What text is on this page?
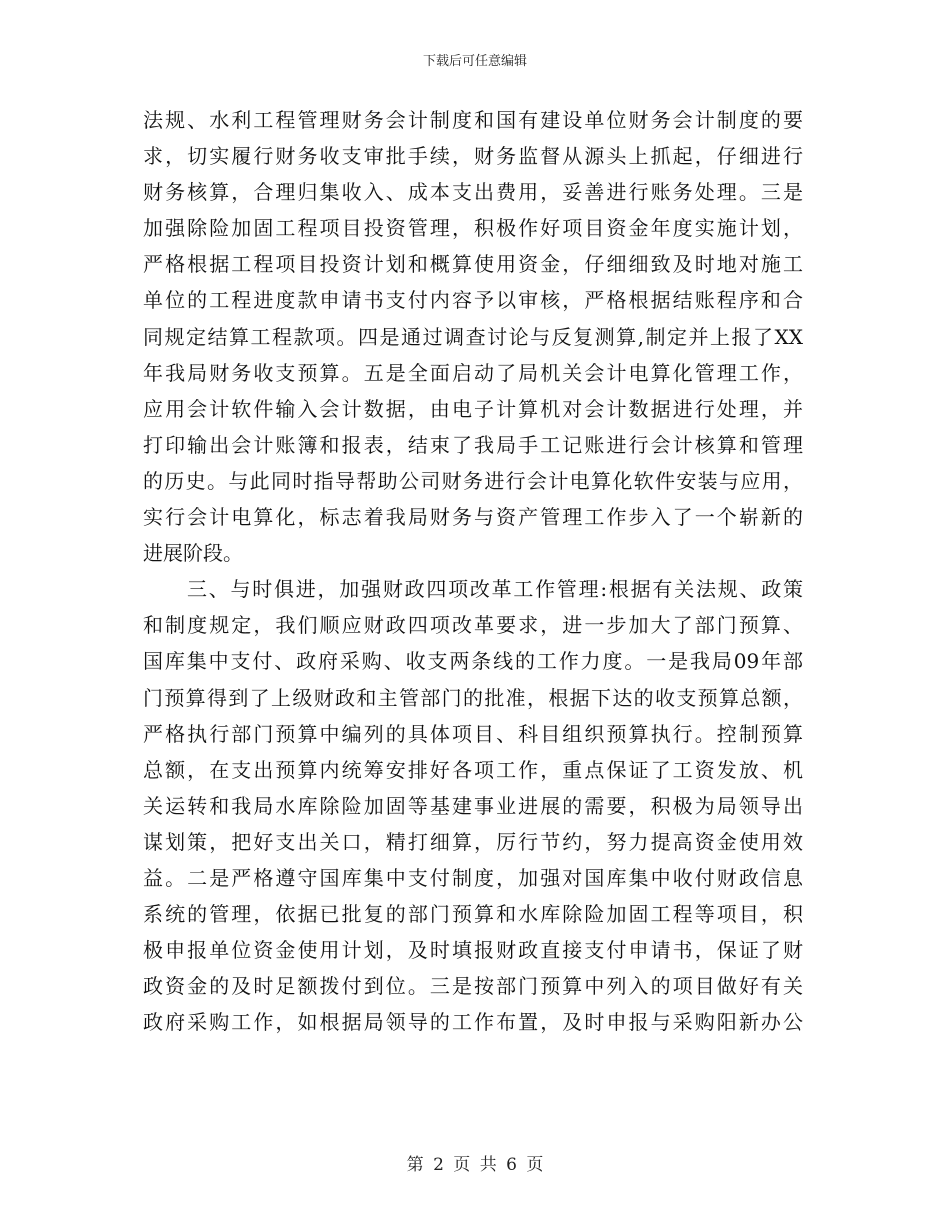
下载后可任意编辑
法规、水利工程管理财务会计制度和国有建设单位财务会计制度的要
求，切实履行财务收支审批手续，财务监督从源头上抓起，仔细进行
财务核算，合理归集收入、成本支出费用，妥善进行账务处理。三是
加强除险加固工程项目投资管理，积极作好项目资金年度实施计划，
严格根据工程项目投资计划和概算使用资金，仔细细致及时地对施工
单位的工程进度款申请书支付内容予以审核，严格根据结账程序和合
同规定结算工程款项。四是通过调查讨论与反复测算,制定并上报了XX
年我局财务收支预算。五是全面启动了局机关会计电算化管理工作，
应用会计软件输入会计数据，由电子计算机对会计数据进行处理，并
打印输出会计账簿和报表，结束了我局手工记账进行会计核算和管理
的历史。与此同时指导帮助公司财务进行会计电算化软件安装与应用，
实行会计电算化，标志着我局财务与资产管理工作步入了一个崭新的
进展阶段。
三、与时俱进，加强财政四项改革工作管理:根据有关法规、政策
和制度规定，我们顺应财政四项改革要求，进一步加大了部门预算、
国库集中支付、政府采购、收支两条线的工作力度。一是我局09年部
门预算得到了上级财政和主管部门的批准，根据下达的收支预算总额，
严格执行部门预算中编列的具体项目、科目组织预算执行。控制预算
总额，在支出预算内统筹安排好各项工作，重点保证了工资发放、机
关运转和我局水库除险加固等基建事业进展的需要，积极为局领导出
谋划策，把好支出关口，精打细算，厉行节约，努力提高资金使用效
益。二是严格遵守国库集中支付制度，加强对国库集中收付财政信息
系统的管理，依据已批复的部门预算和水库除险加固工程等项目，积
极申报单位资金使用计划，及时填报财政直接支付申请书，保证了财
政资金的及时足额拨付到位。三是按部门预算中列入的项目做好有关
政府采购工作，如根据局领导的工作布置，及时申报与采购阳新办公
第 2 页 共 6 页
